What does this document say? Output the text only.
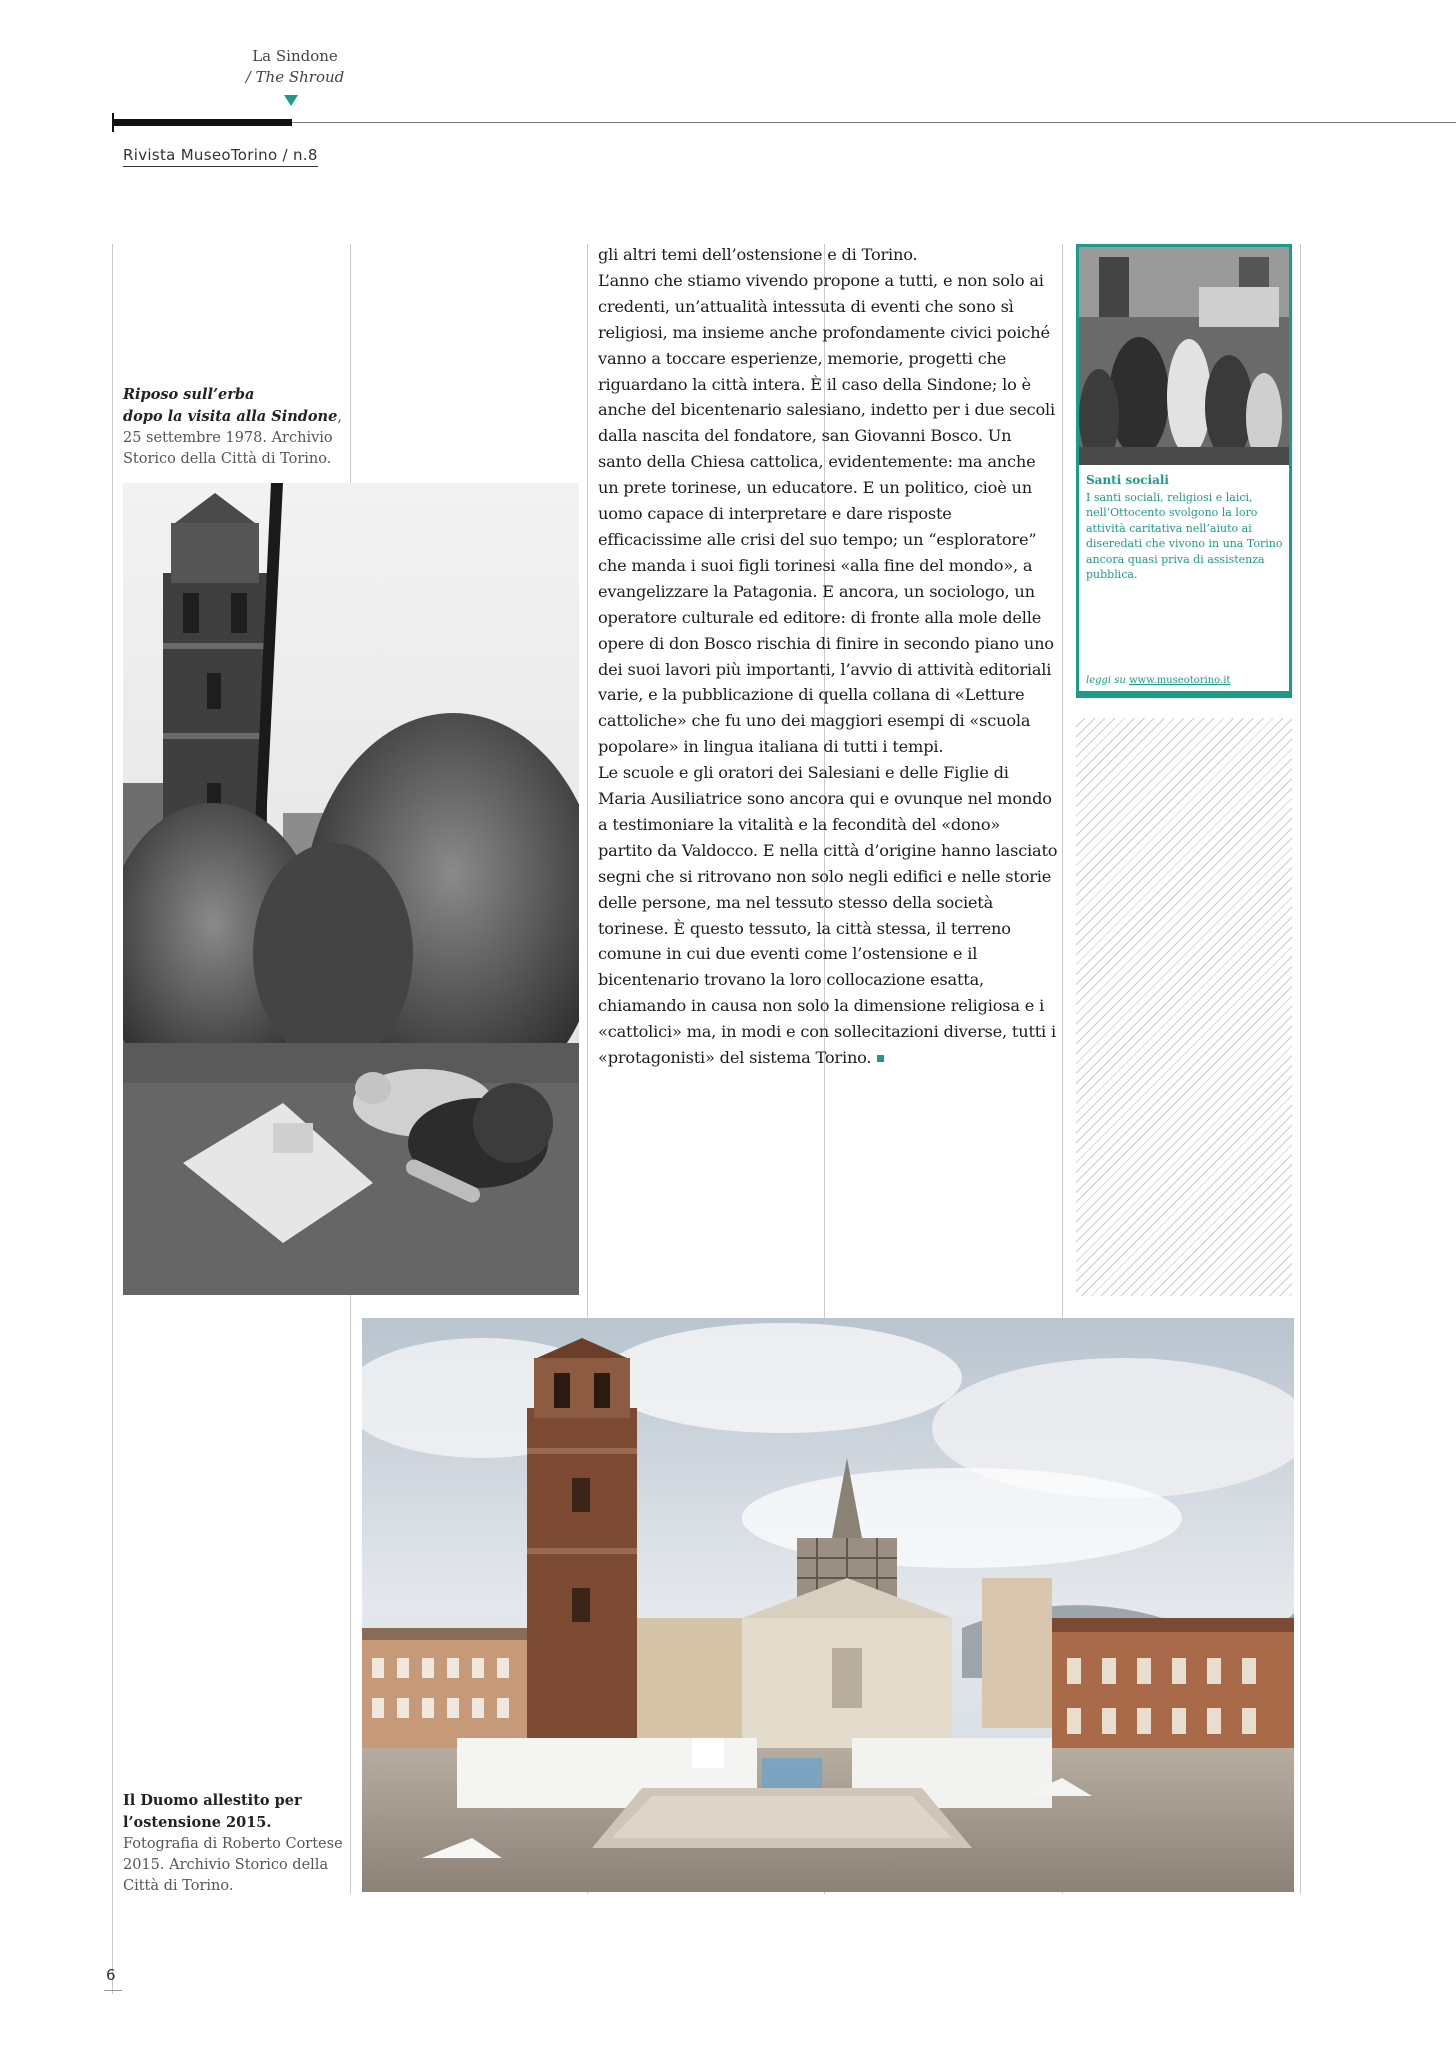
La Sindone
/ The Shroud
Rivista MuseoTorino / n.8
Riposo sull’erba
dopo la visita alla Sindone, 25 settembre 1978. Archivio Storico della Città di Torino.

gli altri temi dell’ostensione e di Torino.
L’anno che stiamo vivendo propone a tutti, e non solo ai credenti, un’attualità intessuta di eventi che sono sì religiosi, ma insieme anche profondamente civici poiché vanno a toccare esperienze, memorie, progetti che riguardano la città intera. È il caso della Sindone; lo è anche del bicentenario salesiano, indetto per i due secoli dalla nascita del fondatore, san Giovanni Bosco. Un santo della Chiesa cattolica, evidentemente: ma anche un prete torinese, un educatore. E un politico, cioè un uomo capace di interpretare e dare risposte efficacissime alle crisi del suo tempo; un “esploratore” che manda i suoi figli torinesi «alla fine del mondo», a evangelizzare la Patagonia. E ancora, un sociologo, un operatore culturale ed editore: di fronte alla mole delle opere di don Bosco rischia di finire in secondo piano uno dei suoi lavori più importanti, l’avvio di attività editoriali varie, e la pubblicazione di quella collana di «Letture cattoliche» che fu uno dei maggiori esempi di «scuola popolare» in lingua italiana di tutti i tempi.
Le scuole e gli oratori dei Salesiani e delle Figlie di Maria Ausiliatrice sono ancora qui e ovunque nel mondo a testimoniare la vitalità e la fecondità del «dono» partito da Valdocco. E nella città d’origine hanno lasciato segni che si ritrovano non solo negli edifici e nelle storie delle persone, ma nel tessuto stesso della società torinese. È questo tessuto, la città stessa, il terreno comune in cui due eventi come l’ostensione e il bicentenario trovano la loro collocazione esatta, chiamando in causa non solo la dimensione religiosa e i «cattolici» ma, in modi e con sollecitazioni diverse, tutti i «protagonisti» del sistema Torino.

Santi sociali
I santi sociali, religiosi e laici, nell’Ottocento svolgono la loro attività caritativa nell’aiuto ai diseredati che vivono in una Torino ancora quasi priva di assistenza pubblica.
leggi su www.museotorino.it
Il Duomo allestito per l’ostensione 2015.
Fotografia di Roberto Cortese 2015. Archivio Storico della Città di Torino.
6
